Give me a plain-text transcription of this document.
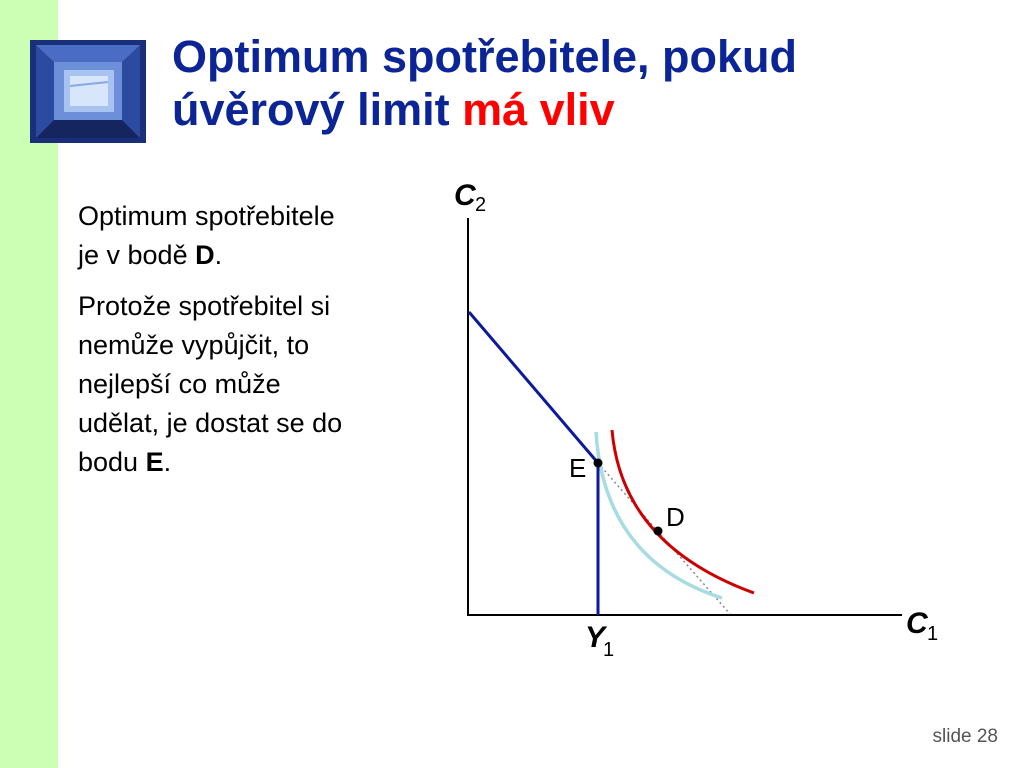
Optimum spotřebitele, pokud
úvěrový limit má vliv

Optimum spotřebitele je v bodě D.

Protože spotřebitel si nemůže vypůjčit, to nejlepší co může udělat, je dostat se do bodu E.	E
D
C 2
C 1
Y
1
slide 28
